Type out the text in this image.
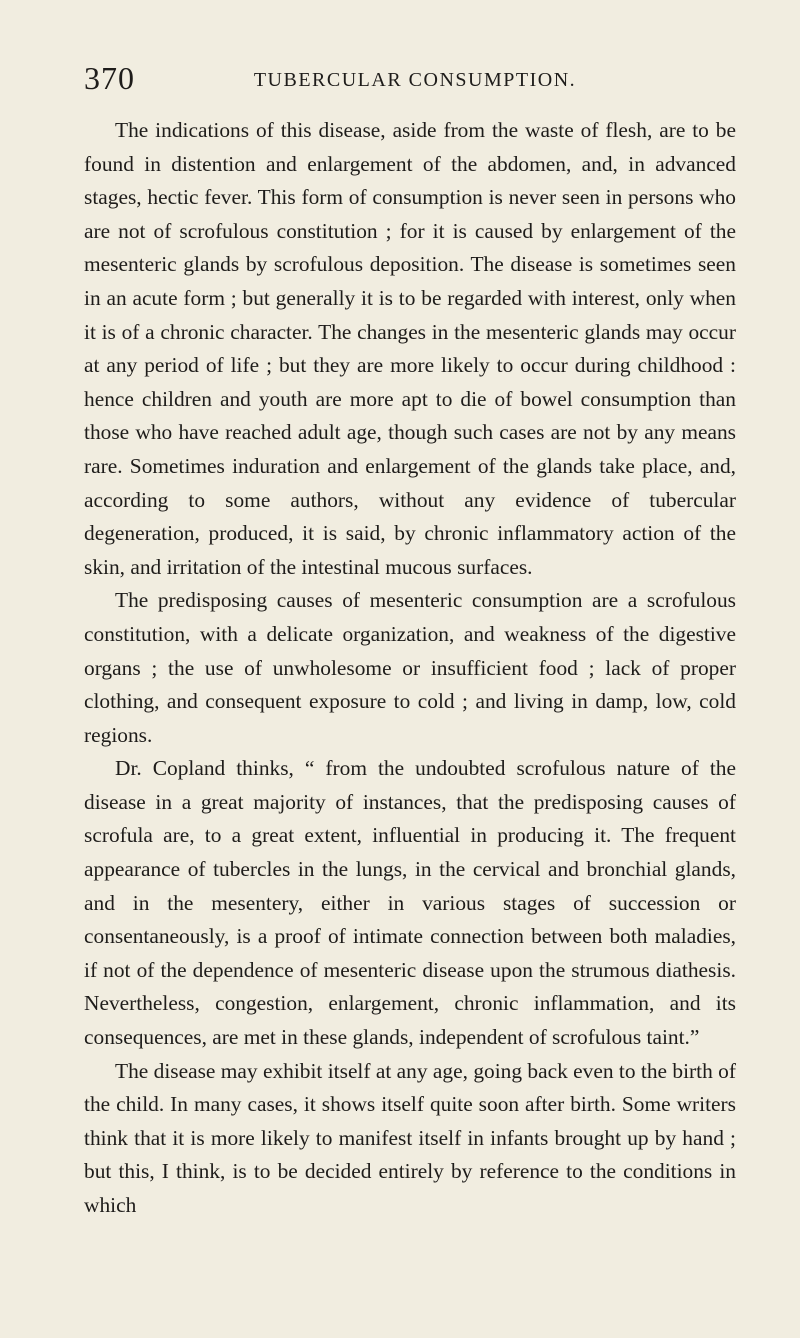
370	TUBERCULAR CONSUMPTION.

The indications of this disease, aside from the waste of flesh, are to be found in distention and enlargement of the abdomen, and, in advanced stages, hectic fever. This form of consumption is never seen in persons who are not of scrofulous constitution ; for it is caused by enlargement of the mesenteric glands by scrofulous deposition. The disease is sometimes seen in an acute form ; but generally it is to be regarded with interest, only when it is of a chronic character. The changes in the mesenteric glands may occur at any period of life ; but they are more likely to occur during childhood : hence children and youth are more apt to die of bowel consumption than those who have reached adult age, though such cases are not by any means rare. Sometimes induration and enlargement of the glands take place, and, according to some authors, without any evidence of tubercular degeneration, produced, it is said, by chronic inflammatory action of the skin, and irritation of the intestinal mucous surfaces.

The predisposing causes of mesenteric consumption are a scrofulous constitution, with a delicate organization, and weakness of the digestive organs ; the use of unwholesome or insufficient food ; lack of proper clothing, and consequent exposure to cold ; and living in damp, low, cold regions.

Dr. Copland thinks, “ from the undoubted scrofulous nature of the disease in a great majority of instances, that the predisposing causes of scrofula are, to a great extent, influential in producing it. The frequent appearance of tubercles in the lungs, in the cervical and bronchial glands, and in the mesentery, either in various stages of succession or consentaneously, is a proof of intimate connection between both maladies, if not of the dependence of mesenteric disease upon the strumous diathesis. Nevertheless, congestion, enlargement, chronic inflammation, and its consequences, are met in these glands, independent of scrofulous taint.”

The disease may exhibit itself at any age, going back even to the birth of the child. In many cases, it shows itself quite soon after birth. Some writers think that it is more likely to manifest itself in infants brought up by hand ; but this, I think, is to be decided entirely by reference to the conditions in which
